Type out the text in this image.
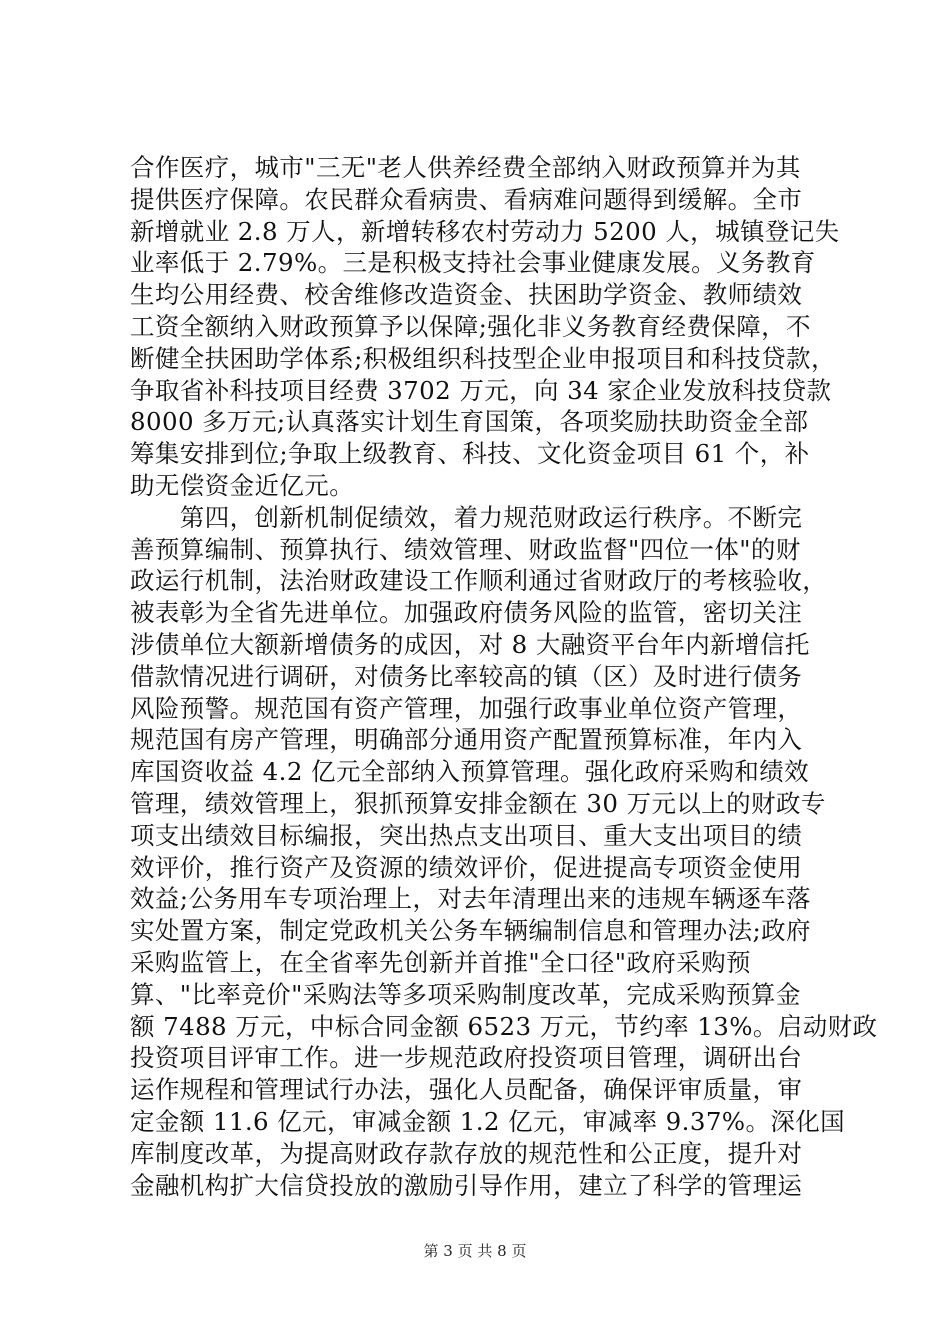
合作医疗，城市"三无"老人供养经费全部纳入财政预算并为其
提供医疗保障。农民群众看病贵、看病难问题得到缓解。全市
新增就业 2.8 万人，新增转移农村劳动力 5200 人，城镇登记失
业率低于 2.79%。三是积极支持社会事业健康发展。义务教育
生均公用经费、校舍维修改造资金、扶困助学资金、教师绩效
工资全额纳入财政预算予以保障;强化非义务教育经费保障，不
断健全扶困助学体系;积极组织科技型企业申报项目和科技贷款，
争取省补科技项目经费 3702 万元，向 34 家企业发放科技贷款
8000 多万元;认真落实计划生育国策，各项奖励扶助资金全部
筹集安排到位;争取上级教育、科技、文化资金项目 61 个，补
助无偿资金近亿元。
　　第四，创新机制促绩效，着力规范财政运行秩序。不断完
善预算编制、预算执行、绩效管理、财政监督"四位一体"的财
政运行机制，法治财政建设工作顺利通过省财政厅的考核验收，
被表彰为全省先进单位。加强政府债务风险的监管，密切关注
涉债单位大额新增债务的成因，对 8 大融资平台年内新增信托
借款情况进行调研，对债务比率较高的镇（区）及时进行债务
风险预警。规范国有资产管理，加强行政事业单位资产管理，
规范国有房产管理，明确部分通用资产配置预算标准，年内入
库国资收益 4.2 亿元全部纳入预算管理。强化政府采购和绩效
管理，绩效管理上，狠抓预算安排金额在 30 万元以上的财政专
项支出绩效目标编报，突出热点支出项目、重大支出项目的绩
效评价，推行资产及资源的绩效评价，促进提高专项资金使用
效益;公务用车专项治理上，对去年清理出来的违规车辆逐车落
实处置方案，制定党政机关公务车辆编制信息和管理办法;政府
采购监管上，在全省率先创新并首推"全口径"政府采购预
算、"比率竞价"采购法等多项采购制度改革，完成采购预算金
额 7488 万元，中标合同金额 6523 万元，节约率 13%。启动财政
投资项目评审工作。进一步规范政府投资项目管理，调研出台
运作规程和管理试行办法，强化人员配备，确保评审质量，审
定金额 11.6 亿元，审减金额 1.2 亿元，审减率 9.37%。深化国
库制度改革，为提高财政存款存放的规范性和公正度，提升对
金融机构扩大信贷投放的激励引导作用，建立了科学的管理运
第 3 页 共 8 页
